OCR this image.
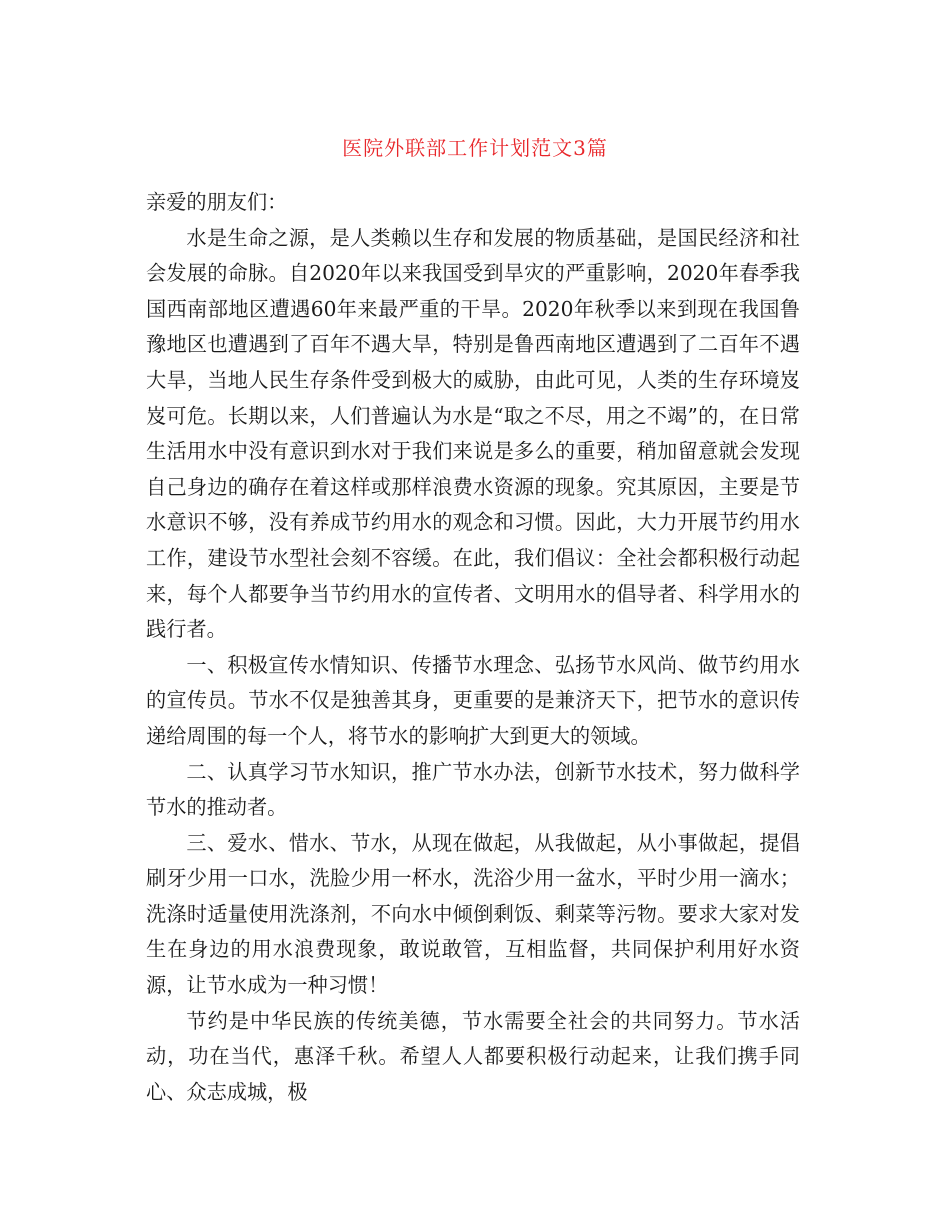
医院外联部工作计划范文3篇

亲爱的朋友们：

水是生命之源，是人类赖以生存和发展的物质基础，是国民经济和社会发展的命脉。自2020年以来我国受到旱灾的严重影响，2020年春季我国西南部地区遭遇60年来最严重的干旱。2020年秋季以来到现在我国鲁豫地区也遭遇到了百年不遇大旱，特别是鲁西南地区遭遇到了二百年不遇大旱，当地人民生存条件受到极大的威胁，由此可见，人类的生存环境岌岌可危。长期以来，人们普遍认为水是“取之不尽，用之不竭”的，在日常生活用水中没有意识到水对于我们来说是多么的重要，稍加留意就会发现自己身边的确存在着这样或那样浪费水资源的现象。究其原因，主要是节水意识不够，没有养成节约用水的观念和习惯。因此，大力开展节约用水工作，建设节水型社会刻不容缓。在此，我们倡议：全社会都积极行动起来，每个人都要争当节约用水的宣传者、文明用水的倡导者、科学用水的践行者。

一、积极宣传水情知识、传播节水理念、弘扬节水风尚、做节约用水的宣传员。节水不仅是独善其身，更重要的是兼济天下，把节水的意识传递给周围的每一个人，将节水的影响扩大到更大的领域。

二、认真学习节水知识，推广节水办法，创新节水技术，努力做科学节水的推动者。

三、爱水、惜水、节水，从现在做起，从我做起，从小事做起，提倡刷牙少用一口水，洗脸少用一杯水，洗浴少用一盆水，平时少用一滴水；洗涤时适量使用洗涤剂，不向水中倾倒剩饭、剩菜等污物。要求大家对发生在身边的用水浪费现象，敢说敢管，互相监督，共同保护利用好水资源，让节水成为一种习惯！

节约是中华民族的传统美德，节水需要全社会的共同努力。节水活动，功在当代，惠泽千秋。希望人人都要积极行动起来，让我们携手同心、众志成城，极
